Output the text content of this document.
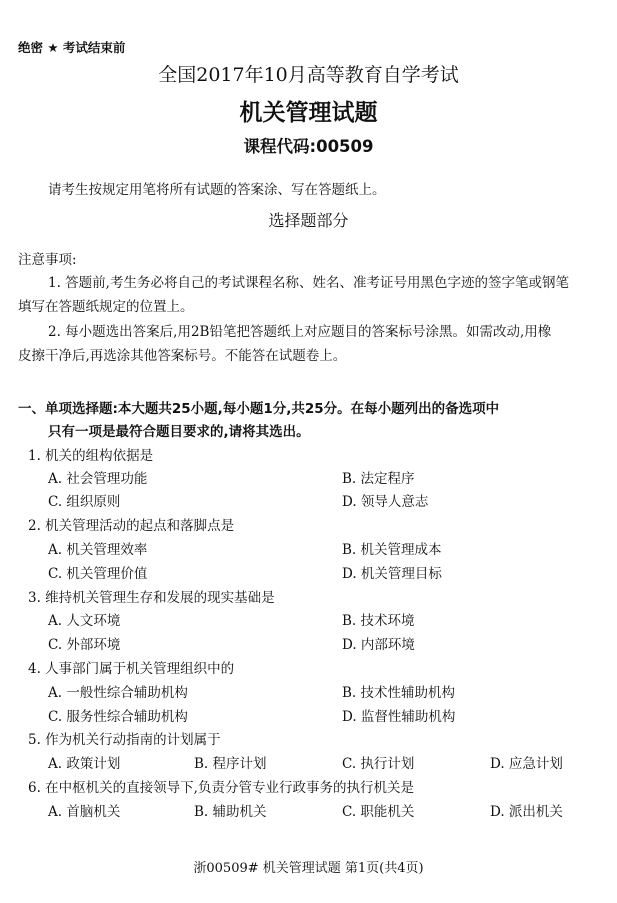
绝密 ★ 考试结束前
全国2017年10月高等教育自学考试
机关管理试题
课程代码:00509
请考生按规定用笔将所有试题的答案涂、写在答题纸上。
选择题部分
注意事项:
1. 答题前,考生务必将自己的考试课程名称、姓名、准考证号用黑色字迹的签字笔或钢笔
填写在答题纸规定的位置上。
2. 每小题选出答案后,用2B铅笔把答题纸上对应题目的答案标号涂黑。如需改动,用橡
皮擦干净后,再选涂其他答案标号。不能答在试题卷上。
一、单项选择题:本大题共25小题,每小题1分,共25分。在每小题列出的备选项中
只有一项是最符合题目要求的,请将其选出。
1. 机关的组构依据是
A. 社会管理功能	B. 法定程序
C. 组织原则	D. 领导人意志
2. 机关管理活动的起点和落脚点是
A. 机关管理效率	B. 机关管理成本
C. 机关管理价值	D. 机关管理目标
3. 维持机关管理生存和发展的现实基础是
A. 人文环境	B. 技术环境
C. 外部环境	D. 内部环境
4. 人事部门属于机关管理组织中的
A. 一般性综合辅助机构	B. 技术性辅助机构
C. 服务性综合辅助机构	D. 监督性辅助机构
5. 作为机关行动指南的计划属于
A. 政策计划	B. 程序计划	C. 执行计划	D. 应急计划
6. 在中枢机关的直接领导下,负责分管专业行政事务的执行机关是
A. 首脑机关	B. 辅助机关	C. 职能机关	D. 派出机关
浙00509# 机关管理试题 第1页(共4页)
